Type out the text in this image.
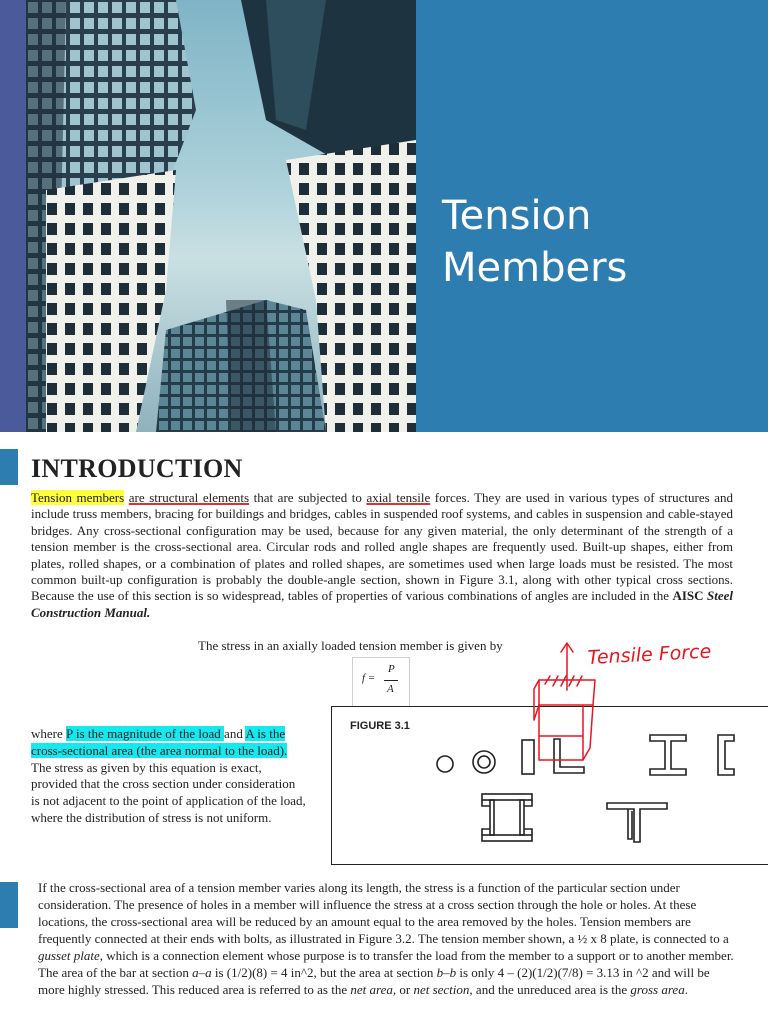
Tension
Members
INTRODUCTION

Tension members are structural elements that are subjected to axial tensile forces. They are used in various types of structures and include truss members, bracing for buildings and bridges, cables in suspended roof systems, and cables in suspension and cable-stayed bridges. Any cross-sectional configuration may be used, because for any given material, the only determinant of the strength of a tension member is the cross-sectional area. Circular rods and rolled angle shapes are frequently used. Built-up shapes, either from plates, rolled shapes, or a combination of plates and rolled shapes, are sometimes used when large loads must be resisted. The most common built-up configuration is probably the double-angle section, shown in Figure 3.1, along with other typical cross sections. Because the use of this section is so widespread, tables of properties of various combinations of angles are included in the AISC Steel Construction Manual.

The stress in an axially loaded tension member is given by

f =
P
A

where P is the magnitude of the load and A is the cross-sectional area (the area normal to the load). The stress as given by this equation is exact, provided that the cross section under consideration is not adjacent to the point of application of the load, where the distribution of stress is not uniform.

FIGURE 3.1
Tensile Force

If the cross-sectional area of a tension member varies along its length, the stress is a function of the particular section under consideration. The presence of holes in a member will influence the stress at a cross section through the hole or holes. At these locations, the cross-sectional area will be reduced by an amount equal to the area removed by the holes. Tension members are frequently connected at their ends with bolts, as illustrated in Figure 3.2. The tension member shown, a ½ x 8 plate, is connected to a gusset plate, which is a connection element whose purpose is to transfer the load from the member to a support or to another member. The area of the bar at section a–a is (1/2)(8) = 4 in^2, but the area at section b–b is only 4 – (2)(1/2)(7/8) = 3.13 in ^2 and will be more highly stressed. This reduced area is referred to as the net area, or net section, and the unreduced area is the gross area.
